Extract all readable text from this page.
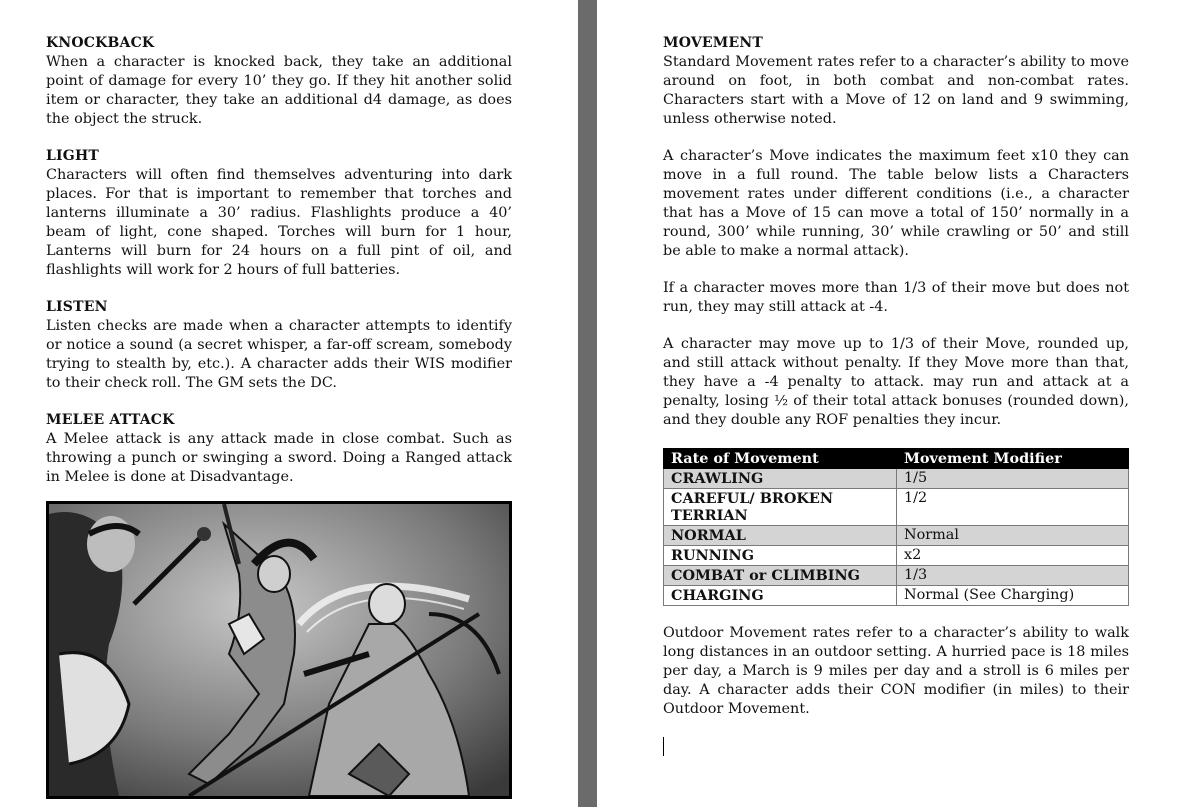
KNOCKBACK

When a character is knocked back, they take an additional point of damage for every 10’ they go. If they hit another solid item or character, they take an additional d4 damage, as does the object the struck.

LIGHT

Characters will often find themselves adventuring into dark places. For that is important to remember that torches and lanterns illuminate a 30’ radius. Flashlights produce a 40’ beam of light, cone shaped. Torches will burn for 1 hour, Lanterns will burn for 24 hours on a full pint of oil, and flashlights will work for 2 hours of full batteries.

LISTEN

Listen checks are made when a character attempts to identify or notice a sound (a secret whisper, a far-off scream, somebody trying to stealth by, etc.). A character adds their WIS modifier to their check roll. The GM sets the DC.

MELEE ATTACK

A Melee attack is any attack made in close combat. Such as throwing a punch or swinging a sword. Doing a Ranged attack in Melee is done at Disadvantage.

MOVEMENT

Standard Movement rates refer to a character’s ability to move around on foot, in both combat and non-combat rates. Characters start with a Move of 12 on land and 9 swimming, unless otherwise noted.

A character’s Move indicates the maximum feet x10 they can move in a full round. The table below lists a Characters movement rates under different conditions (i.e., a character that has a Move of 15 can move a total of 150’ normally in a round, 300’ while running, 30’ while crawling or 50’ and still be able to make a normal attack).

If a character moves more than 1/3 of their move but does not run, they may still attack at -4.

A character may move up to 1/3 of their Move, rounded up, and still attack without penalty. If they Move more than that, they have a -4 penalty to attack. may run and attack at a penalty, losing ½ of their total attack bonuses (rounded down), and they double any ROF penalties they incur.

Rate of Movement	Movement Modifier
CRAWLING	1/5
CAREFUL/ BROKEN TERRIAN	1/2
NORMAL	Normal
RUNNING	x2
COMBAT or CLIMBING	1/3
CHARGING	Normal (See Charging)

Outdoor Movement rates refer to a character’s ability to walk long distances in an outdoor setting. A hurried pace is 18 miles per day, a March is 9 miles per day and a stroll is 6 miles per day. A character adds their CON modifier (in miles) to their Outdoor Movement.
